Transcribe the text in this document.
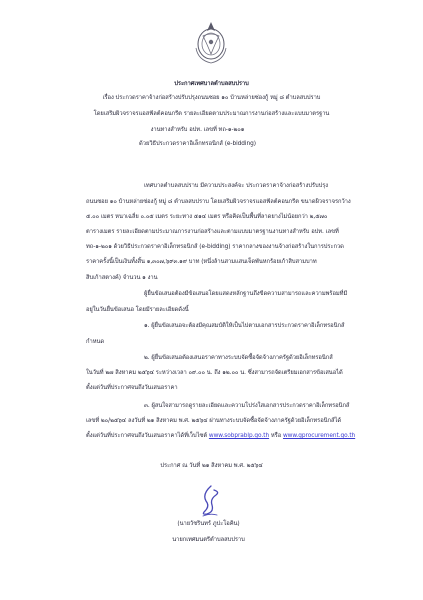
ประกาศเทศบาลตำบลสบปราบ
เรื่อง ประกวดราคาจ้างก่อสร้างปรับปรุงถนนซอย ๑๐ บ้านหล่ายซ่องกู้ หมู่ ๘ ตำบลสบปราบ
โดยเสริมผิวจราจรแอสฟัลต์คอนกรีต รายละเอียดตามประมาณการงานก่อสร้างและแบบมาตรฐาน
งานทางสำหรับ อปท. เลขที่ ทถ-๑-๒๐๑
ด้วยวิธีประกวดราคาอิเล็กทรอนิกส์ (e-bidding)
เทศบาลตำบลสบปราบ มีความประสงค์จะ ประกวดราคาจ้างก่อสร้างปรับปรุง
ถนนซอย ๑๐ บ้านหล่ายซ่องกู้ หมู่ ๘ ตำบลสบปราบ โดยเสริมผิวจราจรแอสฟัลต์คอนกรีต ขนาดผิวจราจรกว้าง
๕.๐๐ เมตร หนาเฉลี่ย ๐.๐๕ เมตร ระยะทาง ๕๑๔ เมตร หรือคิดเป็นพื้นที่ลาดยางไม่น้อยกว่า ๒,๕๗๐
ตารางเมตร รายละเอียดตามประมาณการงานก่อสร้างและตามแบบมาตรฐานงานทางสำหรับ อปท. เลขที่
ทถ-๑-๒๐๑ ด้วยวิธีประกวดราคาอิเล็กทรอนิกส์ (e-bidding) ราคากลางของงานจ้างก่อสร้างในการประกวด
ราคาครั้งนี้เป็นเงินทั้งสิ้น ๑,๓๐๗,๖๙๓.๑๙ บาท (หนึ่งล้านสามแสนเจ็ดพันหกร้อยเก้าสิบสามบาท
สิบเก้าสตางค์) จำนวน ๑ งาน
ผู้ยื่นข้อเสนอต้องมีข้อเสนอโดยแสดงหลักฐานถึงขีดความสามารถและความพร้อมที่มี
อยู่ในวันยื่นข้อเสนอ โดยมีรายละเอียดดังนี้
๑. ผู้ยื่นข้อเสนอจะต้องมีคุณสมบัติให้เป็นไปตามเอกสารประกวดราคาอิเล็กทรอนิกส์
กำหนด
๒. ผู้ยื่นข้อเสนอต้องเสนอราคาทางระบบจัดซื้อจัดจ้างภาครัฐด้วยอิเล็กทรอนิกส์
ในวันที่ ๒๗ สิงหาคม ๒๕๖๔ ระหว่างเวลา ๐๙.๐๐ น. ถึง ๑๒.๐๐ น. ซึ่งสามารถจัดเตรียมเอกสารข้อเสนอได้
ตั้งแต่วันที่ประกาศจนถึงวันเสนอราคา
๓. ผู้สนใจสามารถดูรายละเอียดและความโปร่งใสเอกสารประกวดราคาอิเล็กทรอนิกส์
เลขที่ ๒๐/๒๕๖๔ ลงวันที่ ๒๑ สิงหาคม พ.ศ. ๒๕๖๔ ผ่านทางระบบจัดซื้อจัดจ้างภาครัฐด้วยอิเล็กทรอนิกส์ได้
ตั้งแต่วันที่ประกาศจนถึงวันเสนอราคาได้ที่เว็บไซต์ www.sobprablp.go.th หรือ www.gprocurement.go.th
ประกาศ ณ วันที่ ๒๑ สิงหาคม พ.ศ. ๒๕๖๔
(นายวัชรินทร์ ภูปะโอคิน)
นายกเทศมนตรีตำบลสบปราบ
